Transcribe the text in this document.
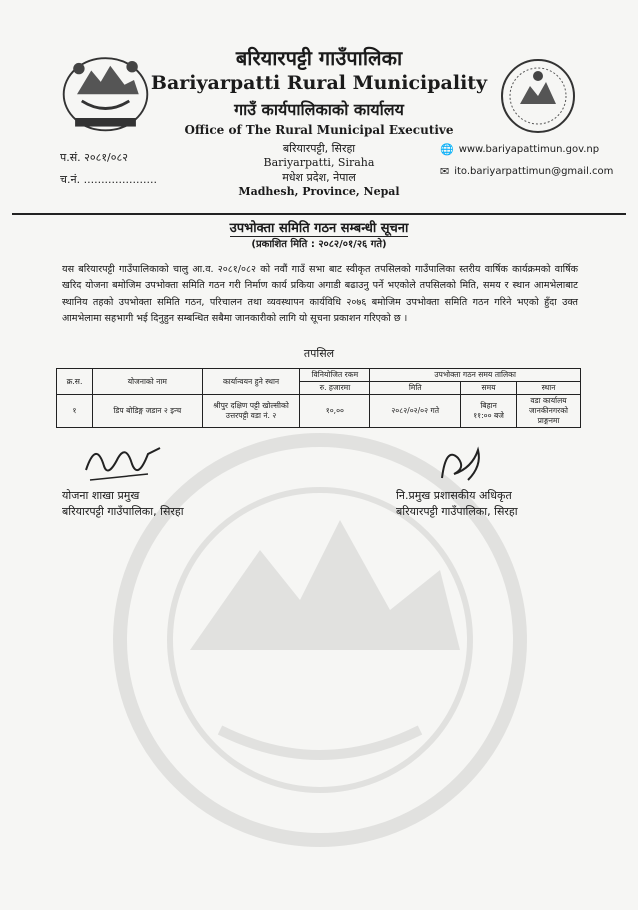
बरियारपट्टी गाउँपालिका
Bariyarpatti Rural Municipality
गाउँ कार्यपालिकाको कार्यालय
Office of The Rural Municipal Executive
बरियारपट्टी, सिरहा
Bariyarpatti, Siraha
मधेश प्रदेश, नेपाल
Madhesh, Province, Nepal
प.सं. २०८१/०८२
च.नं. .....................
🌐 www.bariyapattimun.gov.np
✉ ito.bariyarpattimun@gmail.com
उपभोक्ता समिति गठन सम्बन्धी सूचना
(प्रकाशित मिति : २०८२/०१/२६ गते)
यस बरियारपट्टी गाउँपालिकाको चालु आ.व. २०८१/०८२ को नवौं गाउँ सभा बाट स्वीकृत तपसिलको गाउँपालिका स्तरीय वार्षिक कार्यक्रमको वार्षिक खरिद योजना बमोजिम उपभोक्ता समिति गठन गरी निर्माण कार्य प्रकिया अगाडी बढाउनु पर्ने भएकोले तपसिलको मिति, समय र स्थान आमभेलाबाट स्थानिय तहको उपभोक्ता समिति गठन, परिचालन तथा व्यवस्थापन कार्यविधि २०७६ बमोजिम उपभोक्ता समिति गठन गरिने भएको हुँदा उक्त आमभेलामा सहभागी भई दिनुहुन सम्बन्धित सबैमा जानकारीको लागि यो सूचना प्रकाशन गरिएको छ ।
तपसिल
क्र.स.	योजनाको नाम	कार्यान्वयन हुने स्थान	विनियोजित रकम	उपभोक्ता गठन समय तालिका		
			रु. हजारमा	मिति	समय	स्थान
१	डिप बोडिङ्ग जडान २ इन्च	श्रीपुर दक्षिण पट्टी खोल्सीको उत्तरपट्टी वडा नं. २	१०,००	२०८२/०२/०२ गते	बिहान
११:०० बजे	वडा कार्यालय जानकीनगरको प्राङ्गनमा
योजना शाखा प्रमुख
बरियारपट्टी गाउँपालिका, सिरहा
नि.प्रमुख प्रशासकीय अधिकृत
बरियारपट्टी गाउँपालिका, सिरहा
